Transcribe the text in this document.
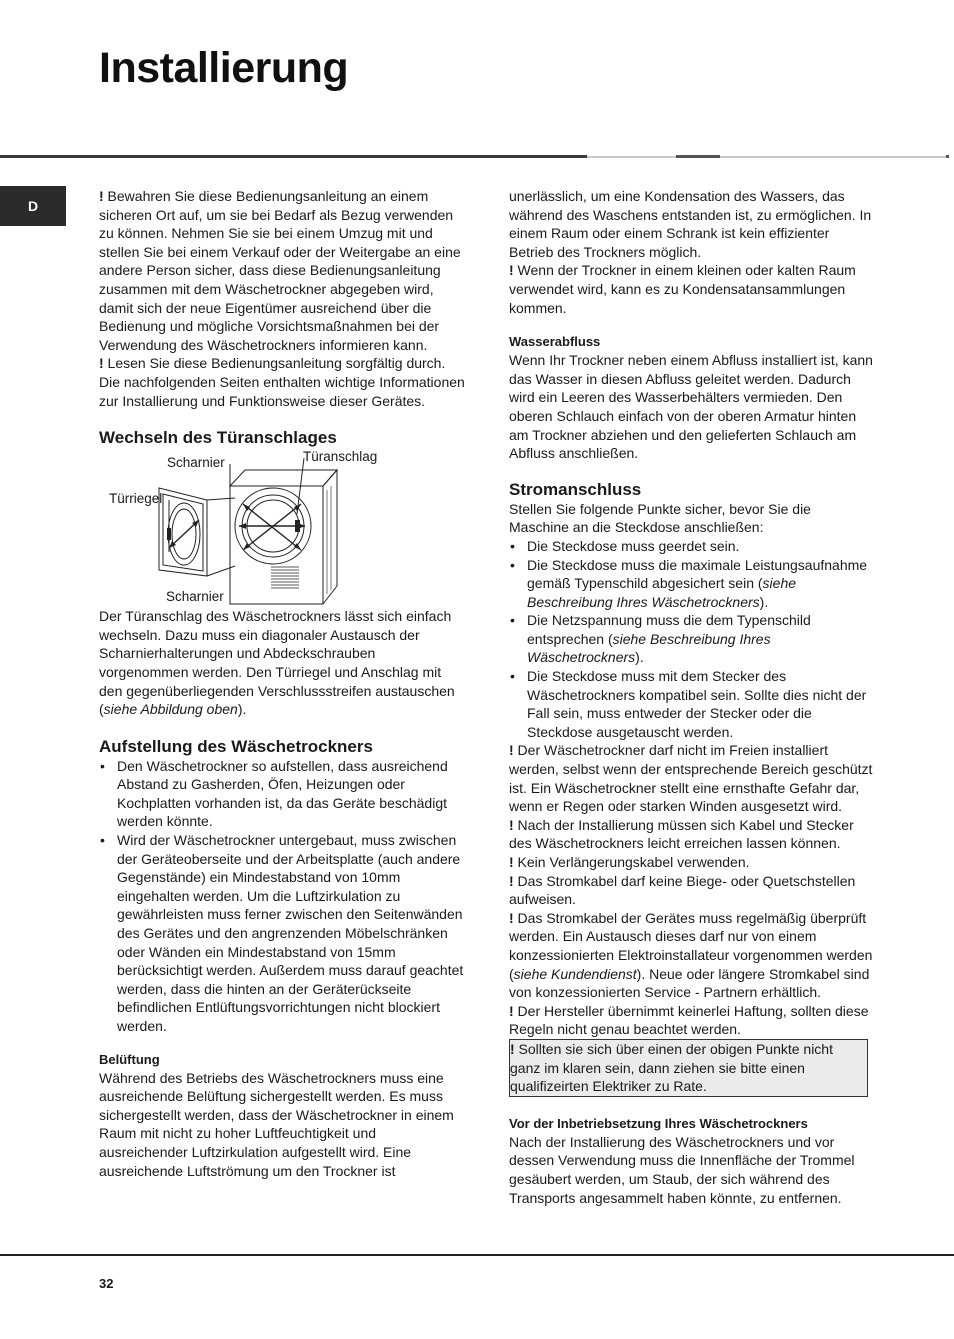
Installierung
D

! Bewahren Sie diese Bedienungsanleitung an einem sicheren Ort auf, um sie bei Bedarf als Bezug verwenden zu können. Nehmen Sie sie bei einem Umzug mit und stellen Sie bei einem Verkauf oder der Weitergabe an eine andere Person sicher, dass diese Bedienungsanleitung zusammen mit dem Wäschetrockner abgegeben wird, damit sich der neue Eigentümer ausreichend über die Bedienung und mögliche Vorsichtsmaßnahmen bei der Verwendung des Wäschetrockners informieren kann.

! Lesen Sie diese Bedienungsanleitung sorgfältig durch. Die nachfolgenden Seiten enthalten wichtige Informationen zur Installierung und Funktionsweise dieser Gerätes.

Wechseln des Türanschlages
Scharnier	Türanschlag
Türriegel
Scharnier

Der Türanschlag des Wäschetrockners lässt sich einfach wechseln. Dazu muss ein diagonaler Austausch der Scharnierhalterungen und Abdeckschrauben vorgenommen werden. Den Türriegel und Anschlag mit den gegenüberliegenden Verschlussstreifen austauschen (siehe Abbildung oben).

Aufstellung des Wäschetrockners
• Den Wäschetrockner so aufstellen, dass ausreichend Abstand zu Gasherden, Öfen, Heizungen oder Kochplatten vorhanden ist, da das Geräte beschädigt werden könnte.
• Wird der Wäschetrockner untergebaut, muss zwischen der Geräteoberseite und der Arbeitsplatte (auch andere Gegenstände) ein Mindestabstand von 10mm eingehalten werden. Um die Luftzirkulation zu gewährleisten muss ferner zwischen den Seitenwänden des Gerätes und den angrenzenden Möbelschränken oder Wänden ein Mindestabstand von 15mm berücksichtigt werden. Außerdem muss darauf geachtet werden, dass die hinten an der Geräterückseite befindlichen Entlüftungsvorrichtungen nicht blockiert werden.
Belüftung

Während des Betriebs des Wäschetrockners muss eine ausreichende Belüftung sichergestellt werden. Es muss sichergestellt werden, dass der Wäschetrockner in einem Raum mit nicht zu hoher Luftfeuchtigkeit und ausreichender Luftzirkulation aufgestellt wird. Eine ausreichende Luftströmung um den Trockner ist

unerlässlich, um eine Kondensation des Wassers, das während des Waschens entstanden ist, zu ermöglichen. In einem Raum oder einem Schrank ist kein effizienter Betrieb des Trockners möglich.

! Wenn der Trockner in einem kleinen oder kalten Raum verwendet wird, kann es zu Kondensatansammlungen kommen.

Wasserabfluss

Wenn Ihr Trockner neben einem Abfluss installiert ist, kann das Wasser in diesen Abfluss geleitet werden. Dadurch wird ein Leeren des Wasserbehälters vermieden. Den oberen Schlauch einfach von der oberen Armatur hinten am Trockner abziehen und den gelieferten Schlauch am Abfluss anschließen.

Stromanschluss

Stellen Sie folgende Punkte sicher, bevor Sie die Maschine an die Steckdose anschließen:

• Die Steckdose muss geerdet sein.
• Die Steckdose muss die maximale Leistungsaufnahme gemäß Typenschild abgesichert sein (siehe Beschreibung Ihres Wäschetrockners).
• Die Netzspannung muss die dem Typenschild entsprechen (siehe Beschreibung Ihres Wäschetrockners).
• Die Steckdose muss mit dem Stecker des Wäschetrockners kompatibel sein. Sollte dies nicht der Fall sein, muss entweder der Stecker oder die Steckdose ausgetauscht werden.

! Der Wäschetrockner darf nicht im Freien installiert werden, selbst wenn der entsprechende Bereich geschützt ist. Ein Wäschetrockner stellt eine ernsthafte Gefahr dar, wenn er Regen oder starken Winden ausgesetzt wird.

! Nach der Installierung müssen sich Kabel und Stecker des Wäschetrockners leicht erreichen lassen können.

! Kein Verlängerungskabel verwenden.

! Das Stromkabel darf keine Biege- oder Quetschstellen aufweisen.

! Das Stromkabel der Gerätes muss regelmäßig überprüft werden. Ein Austausch dieses darf nur von einem konzessionierten Elektroinstallateur vorgenommen werden (siehe Kundendienst). Neue oder längere Stromkabel sind von konzessionierten Service - Partnern erhältlich.

! Der Hersteller übernimmt keinerlei Haftung, sollten diese Regeln nicht genau beachtet werden.

! Sollten sie sich über einen der obigen Punkte nicht ganz im klaren sein, dann ziehen sie bitte einen qualifizeirten Elektriker zu Rate.

Vor der Inbetriebsetzung Ihres Wäschetrockners

Nach der Installierung des Wäschetrockners und vor dessen Verwendung muss die Innenfläche der Trommel gesäubert werden, um Staub, der sich während des Transports angesammelt haben könnte, zu entfernen.

32
